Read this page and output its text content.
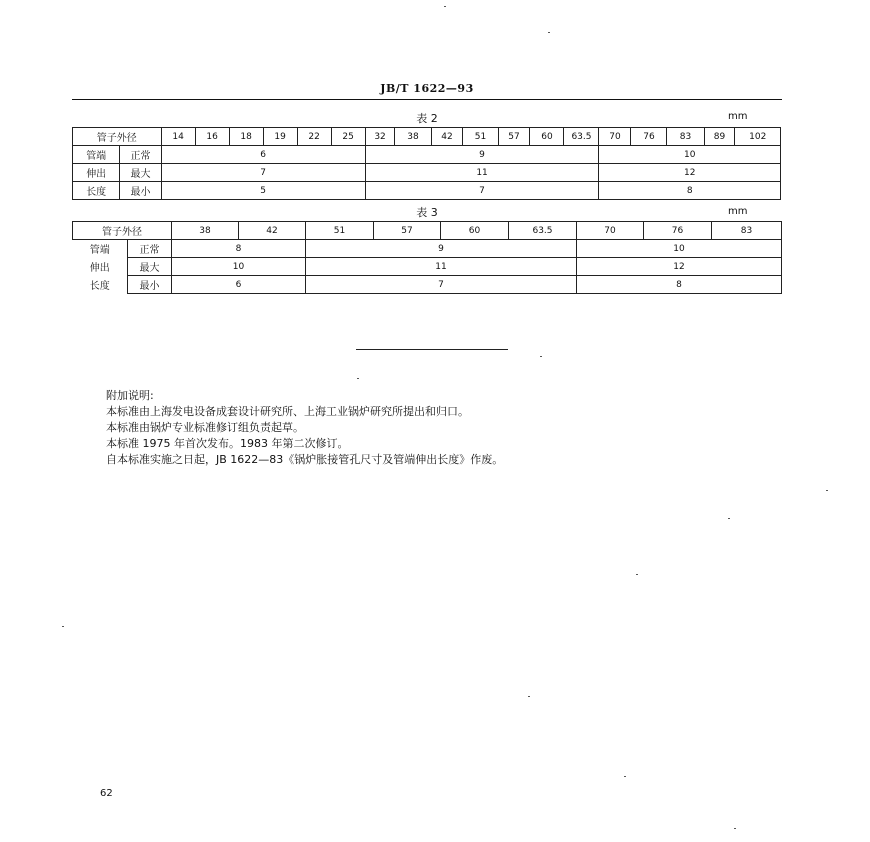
JB/T 1622—93
表 2	mm
管子外径		14	16	18	19	22	25	32	38	42	51	57	60	63.5	70	76	83	89	102
管端	正常	6						9							10				
伸出	最大	7						11							12				
长度	最小	5						7							8				
表 3	mm
管子外径		38	42	51	57	60	63.5	70	76	83
管端	正常	8		9				10		
伸出	最大	10		11				12		
长度	最小	6		7				8		
附加说明:
本标准由上海发电设备成套设计研究所、上海工业锅炉研究所提出和归口。
本标准由锅炉专业标准修订组负责起草。
本标准 1975 年首次发布。1983 年第二次修订。
自本标准实施之日起，JB 1622—83《锅炉胀接管孔尺寸及管端伸出长度》作废。
62
